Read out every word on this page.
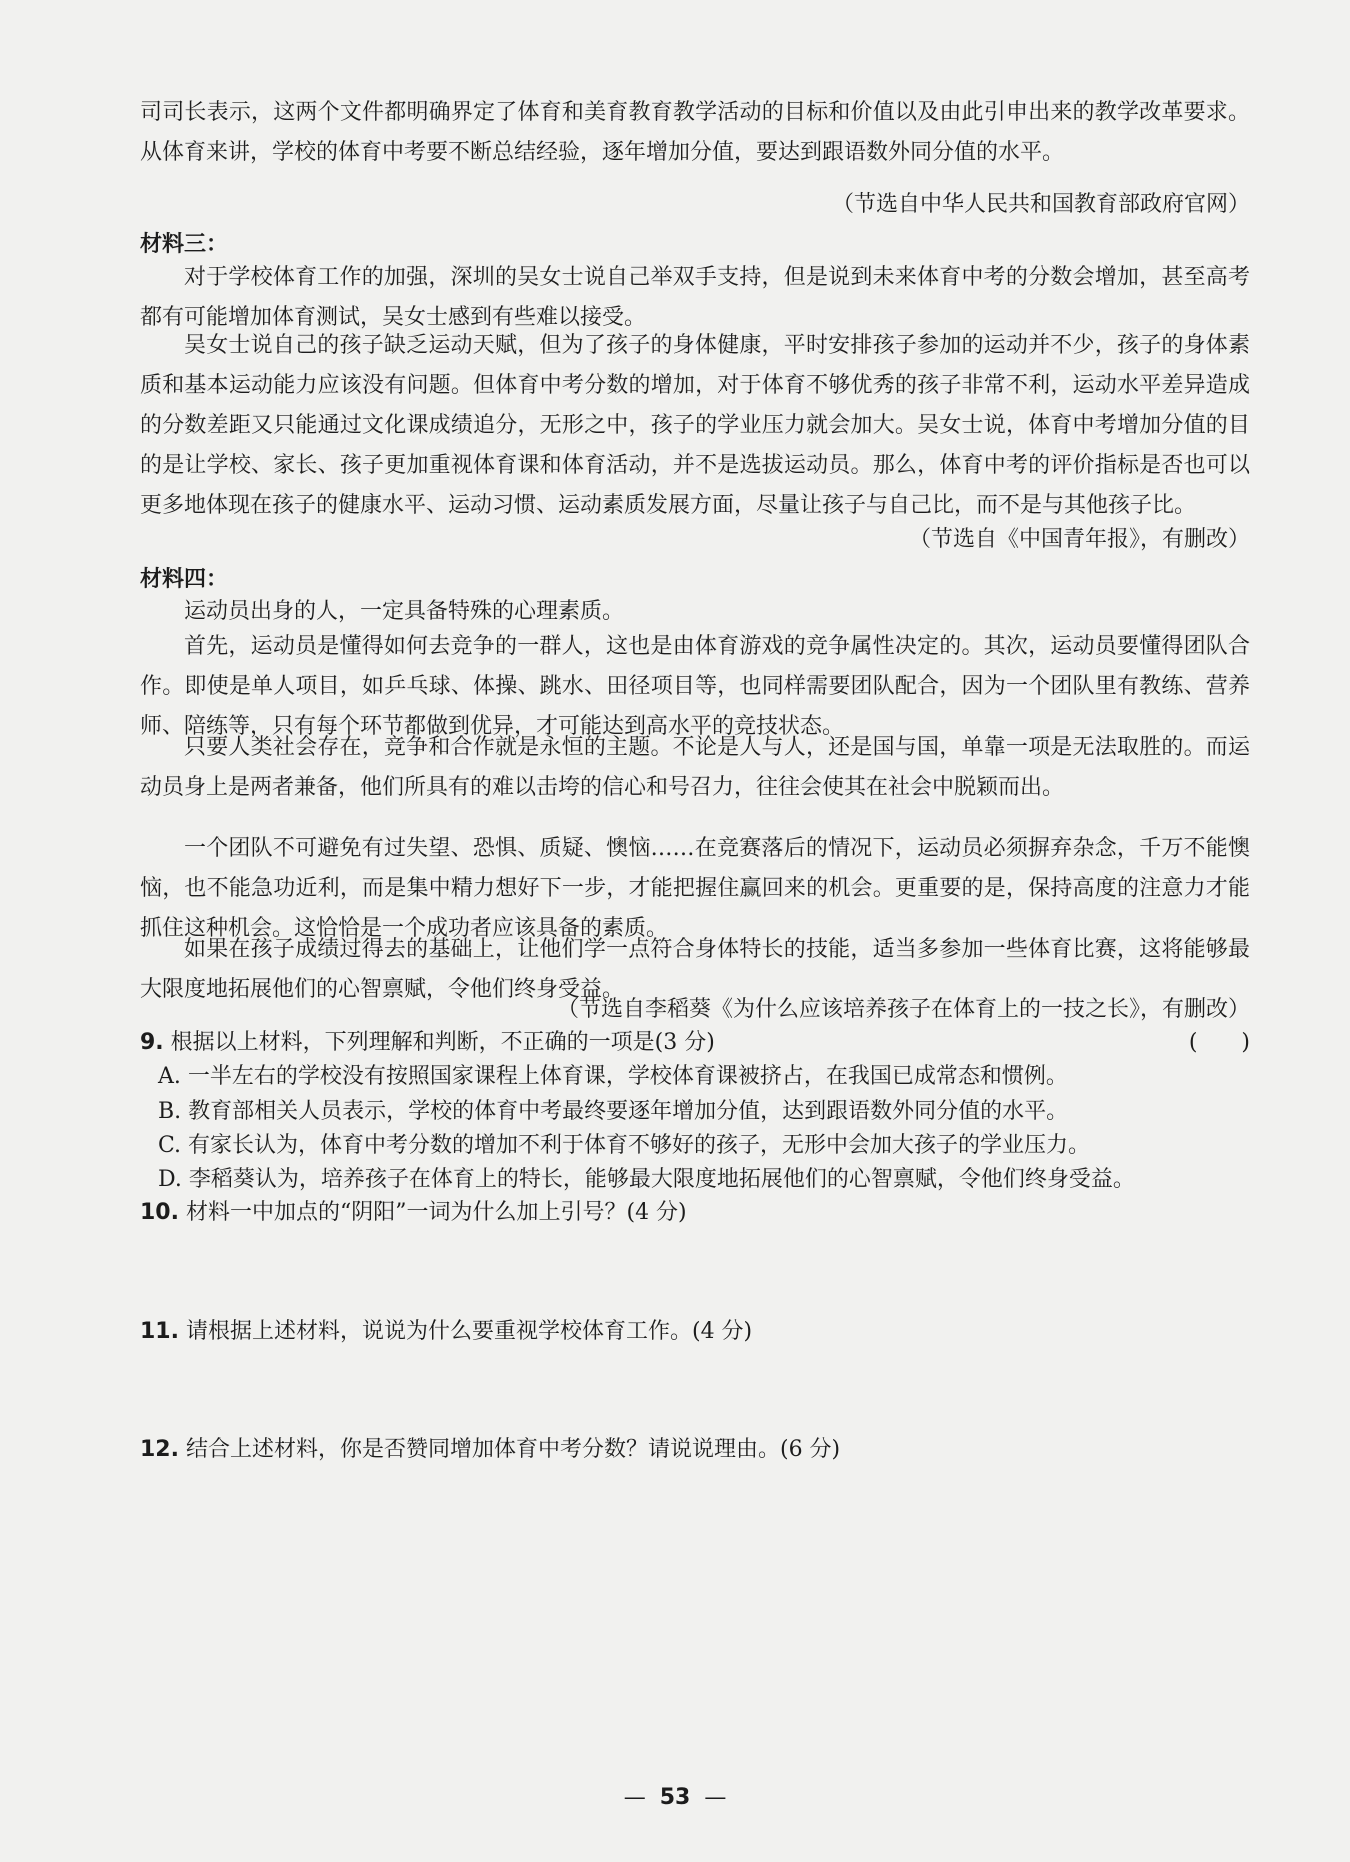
司司长表示，这两个文件都明确界定了体育和美育教育教学活动的目标和价值以及由此引申出来的教学改革要求。从体育来讲，学校的体育中考要不断总结经验，逐年增加分值，要达到跟语数外同分值的水平。

（节选自中华人民共和国教育部政府官网）
材料三：

对于学校体育工作的加强，深圳的吴女士说自己举双手支持，但是说到未来体育中考的分数会增加，甚至高考都有可能增加体育测试，吴女士感到有些难以接受。

吴女士说自己的孩子缺乏运动天赋，但为了孩子的身体健康，平时安排孩子参加的运动并不少，孩子的身体素质和基本运动能力应该没有问题。但体育中考分数的增加，对于体育不够优秀的孩子非常不利，运动水平差异造成的分数差距又只能通过文化课成绩追分，无形之中，孩子的学业压力就会加大。吴女士说，体育中考增加分值的目的是让学校、家长、孩子更加重视体育课和体育活动，并不是选拔运动员。那么，体育中考的评价指标是否也可以更多地体现在孩子的健康水平、运动习惯、运动素质发展方面，尽量让孩子与自己比，而不是与其他孩子比。

（节选自《中国青年报》，有删改）
材料四：

运动员出身的人，一定具备特殊的心理素质。

首先，运动员是懂得如何去竞争的一群人，这也是由体育游戏的竞争属性决定的。其次，运动员要懂得团队合作。即使是单人项目，如乒乓球、体操、跳水、田径项目等，也同样需要团队配合，因为一个团队里有教练、营养师、陪练等，只有每个环节都做到优异，才可能达到高水平的竞技状态。

只要人类社会存在，竞争和合作就是永恒的主题。不论是人与人，还是国与国，单靠一项是无法取胜的。而运动员身上是两者兼备，他们所具有的难以击垮的信心和号召力，往往会使其在社会中脱颖而出。

一个团队不可避免有过失望、恐惧、质疑、懊恼……在竞赛落后的情况下，运动员必须摒弃杂念，千万不能懊恼，也不能急功近利，而是集中精力想好下一步，才能把握住赢回来的机会。更重要的是，保持高度的注意力才能抓住这种机会。这恰恰是一个成功者应该具备的素质。

如果在孩子成绩过得去的基础上，让他们学一点符合身体特长的技能，适当多参加一些体育比赛，这将能够最大限度地拓展他们的心智禀赋，令他们终身受益。

（节选自李稻葵《为什么应该培养孩子在体育上的一技之长》，有删改）
9. 根据以上材料，下列理解和判断，不正确的一项是(3 分)	(　　)
A. 一半左右的学校没有按照国家课程上体育课，学校体育课被挤占，在我国已成常态和惯例。
B. 教育部相关人员表示，学校的体育中考最终要逐年增加分值，达到跟语数外同分值的水平。
C. 有家长认为，体育中考分数的增加不利于体育不够好的孩子，无形中会加大孩子的学业压力。
D. 李稻葵认为，培养孩子在体育上的特长，能够最大限度地拓展他们的心智禀赋，令他们终身受益。
10. 材料一中加点的“阴阳”一词为什么加上引号？(4 分)
11. 请根据上述材料，说说为什么要重视学校体育工作。(4 分)
12. 结合上述材料，你是否赞同增加体育中考分数？请说说理由。(6 分)
— 53 —
